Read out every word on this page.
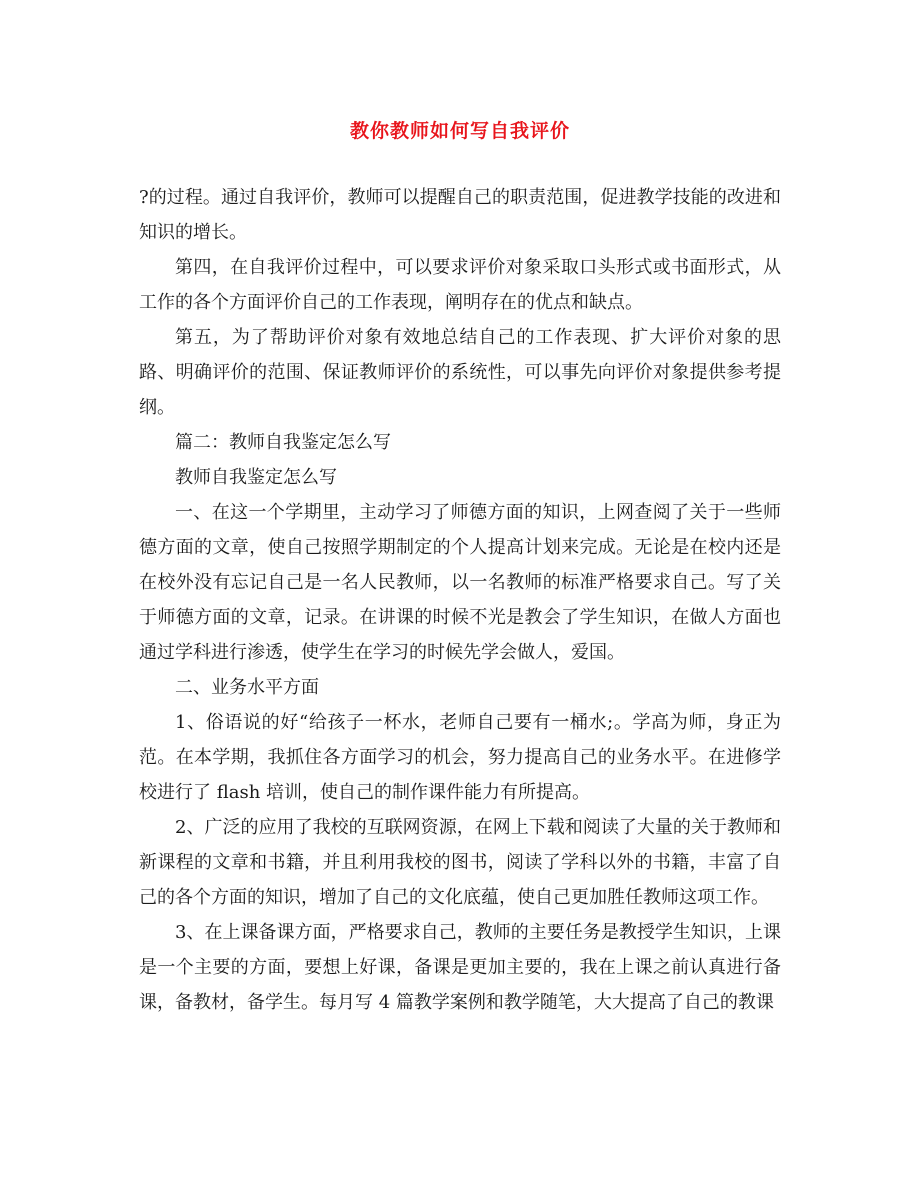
教你教师如何写自我评价

?的过程。通过自我评价，教师可以提醒自己的职责范围，促进教学技能的改进和知识的增长。

第四，在自我评价过程中，可以要求评价对象采取口头形式或书面形式，从工作的各个方面评价自己的工作表现，阐明存在的优点和缺点。

第五，为了帮助评价对象有效地总结自己的工作表现、扩大评价对象的思路、明确评价的范围、保证教师评价的系统性，可以事先向评价对象提供参考提纲。

篇二：教师自我鉴定怎么写

教师自我鉴定怎么写

一、在这一个学期里，主动学习了师德方面的知识，上网查阅了关于一些师德方面的文章，使自己按照学期制定的个人提高计划来完成。无论是在校内还是在校外没有忘记自己是一名人民教师，以一名教师的标准严格要求自己。写了关于师德方面的文章，记录。在讲课的时候不光是教会了学生知识，在做人方面也通过学科进行渗透，使学生在学习的时候先学会做人，爱国。

二、业务水平方面

1、俗语说的好“给孩子一杯水，老师自己要有一桶水;。学高为师，身正为范。在本学期，我抓住各方面学习的机会，努力提高自己的业务水平。在进修学校进行了 flash 培训，使自己的制作课件能力有所提高。

2、广泛的应用了我校的互联网资源，在网上下载和阅读了大量的关于教师和新课程的文章和书籍，并且利用我校的图书，阅读了学科以外的书籍，丰富了自己的各个方面的知识，增加了自己的文化底蕴，使自己更加胜任教师这项工作。

3、在上课备课方面，严格要求自己，教师的主要任务是教授学生知识，上课是一个主要的方面，要想上好课，备课是更加主要的，我在上课之前认真进行备课，备教材，备学生。每月写 4 篇教学案例和教学随笔，大大提高了自己的教课
